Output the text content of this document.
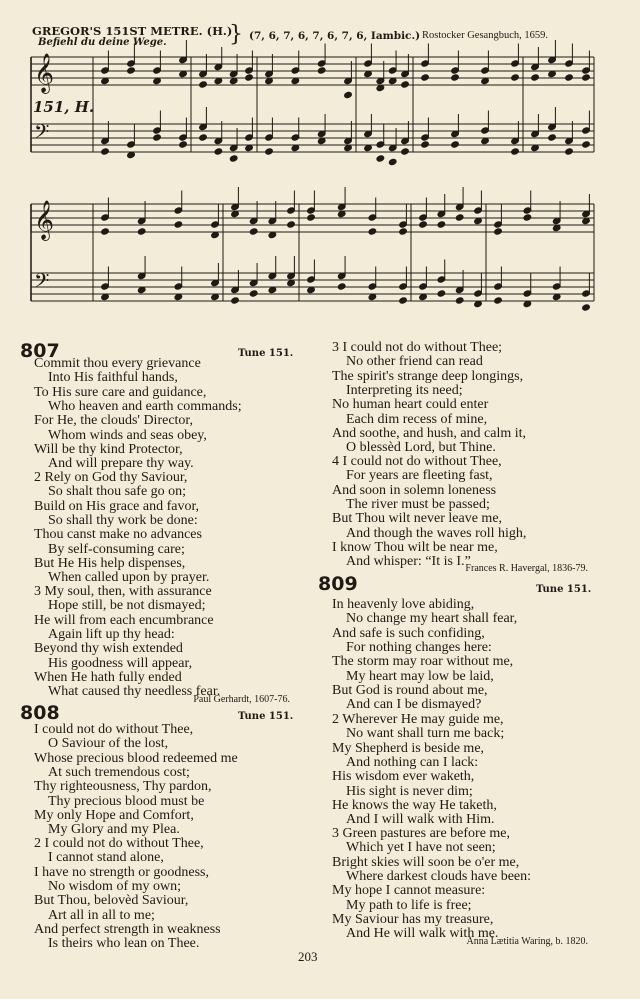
GREGOR'S 151ST METRE. (H.)
Befiehl du deine Wege.	} (7, 6, 7, 6, 7, 6, 7, 6, Iambic.) Rostocker Gesangbuch, 1659.
151, H.
𝄞
𝄢
𝄞
𝄢
807	Tune 151.
Commit thou every grievance
Into His faithful hands,
To His sure care and guidance,
Who heaven and earth commands;
For He, the clouds' Director,
Whom winds and seas obey,
Will be thy kind Protector,
And will prepare thy way.
2 Rely on God thy Saviour,
So shalt thou safe go on;
Build on His grace and favor,
So shall thy work be done:
Thou canst make no advances
By self-consuming care;
But He His help dispenses,
When called upon by prayer.
3 My soul, then, with assurance
Hope still, be not dismayed;
He will from each encumbrance
Again lift up thy head:
Beyond thy wish extended
His goodness will appear,
When He hath fully ended
What caused thy needless fear.
Paul Gerhardt, 1607-76.
808	Tune 151.
I could not do without Thee,
O Saviour of the lost,
Whose precious blood redeemed me
At such tremendous cost;
Thy righteousness, Thy pardon,
Thy precious blood must be
My only Hope and Comfort,
My Glory and my Plea.
2 I could not do without Thee,
I cannot stand alone,
I have no strength or goodness,
No wisdom of my own;
But Thou, belovèd Saviour,
Art all in all to me;
And perfect strength in weakness
Is theirs who lean on Thee.
3 I could not do without Thee;
No other friend can read
The spirit's strange deep longings,
Interpreting its need;
No human heart could enter
Each dim recess of mine,
And soothe, and hush, and calm it,
O blessèd Lord, but Thine.
4 I could not do without Thee,
For years are fleeting fast,
And soon in solemn loneness
The river must be passed;
But Thou wilt never leave me,
And though the waves roll high,
I know Thou wilt be near me,
And whisper: “It is I.”
Frances R. Havergal, 1836-79.
809	Tune 151.
In heavenly love abiding,
No change my heart shall fear,
And safe is such confiding,
For nothing changes here:
The storm may roar without me,
My heart may low be laid,
But God is round about me,
And can I be dismayed?
2 Wherever He may guide me,
No want shall turn me back;
My Shepherd is beside me,
And nothing can I lack:
His wisdom ever waketh,
His sight is never dim;
He knows the way He taketh,
And I will walk with Him.
3 Green pastures are before me,
Which yet I have not seen;
Bright skies will soon be o'er me,
Where darkest clouds have been:
My hope I cannot measure:
My path to life is free;
My Saviour has my treasure,
And He will walk with me.
Anna Lætitia Waring, b. 1820.
203
